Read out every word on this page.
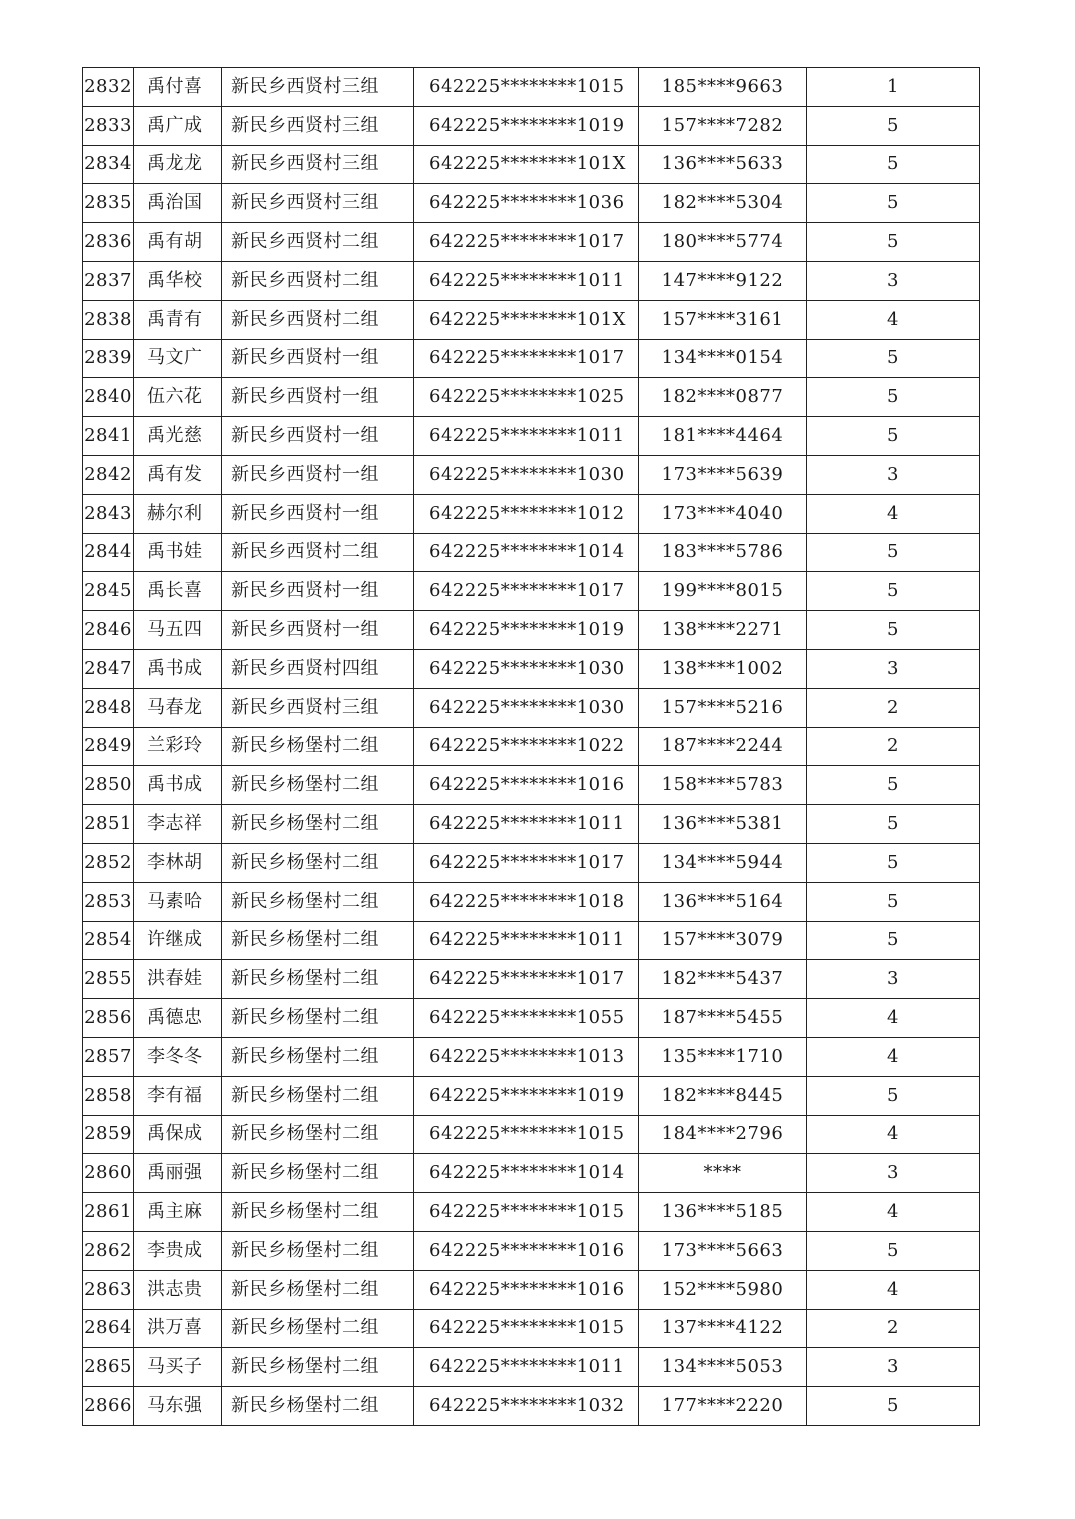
2832	禹付喜	新民乡西贤村三组	642225********1015	185****9663	1
2833	禹广成	新民乡西贤村三组	642225********1019	157****7282	5
2834	禹龙龙	新民乡西贤村三组	642225********101X	136****5633	5
2835	禹治国	新民乡西贤村三组	642225********1036	182****5304	5
2836	禹有胡	新民乡西贤村二组	642225********1017	180****5774	5
2837	禹华校	新民乡西贤村二组	642225********1011	147****9122	3
2838	禹青有	新民乡西贤村二组	642225********101X	157****3161	4
2839	马文广	新民乡西贤村一组	642225********1017	134****0154	5
2840	伍六花	新民乡西贤村一组	642225********1025	182****0877	5
2841	禹光慈	新民乡西贤村一组	642225********1011	181****4464	5
2842	禹有发	新民乡西贤村一组	642225********1030	173****5639	3
2843	赫尔利	新民乡西贤村一组	642225********1012	173****4040	4
2844	禹书娃	新民乡西贤村二组	642225********1014	183****5786	5
2845	禹长喜	新民乡西贤村一组	642225********1017	199****8015	5
2846	马五四	新民乡西贤村一组	642225********1019	138****2271	5
2847	禹书成	新民乡西贤村四组	642225********1030	138****1002	3
2848	马春龙	新民乡西贤村三组	642225********1030	157****5216	2
2849	兰彩玲	新民乡杨堡村二组	642225********1022	187****2244	2
2850	禹书成	新民乡杨堡村二组	642225********1016	158****5783	5
2851	李志祥	新民乡杨堡村二组	642225********1011	136****5381	5
2852	李林胡	新民乡杨堡村二组	642225********1017	134****5944	5
2853	马素哈	新民乡杨堡村二组	642225********1018	136****5164	5
2854	许继成	新民乡杨堡村二组	642225********1011	157****3079	5
2855	洪春娃	新民乡杨堡村二组	642225********1017	182****5437	3
2856	禹德忠	新民乡杨堡村二组	642225********1055	187****5455	4
2857	李冬冬	新民乡杨堡村二组	642225********1013	135****1710	4
2858	李有福	新民乡杨堡村二组	642225********1019	182****8445	5
2859	禹保成	新民乡杨堡村二组	642225********1015	184****2796	4
2860	禹丽强	新民乡杨堡村二组	642225********1014	****	3
2861	禹主麻	新民乡杨堡村二组	642225********1015	136****5185	4
2862	李贵成	新民乡杨堡村二组	642225********1016	173****5663	5
2863	洪志贵	新民乡杨堡村二组	642225********1016	152****5980	4
2864	洪万喜	新民乡杨堡村二组	642225********1015	137****4122	2
2865	马买子	新民乡杨堡村二组	642225********1011	134****5053	3
2866	马东强	新民乡杨堡村二组	642225********1032	177****2220	5
